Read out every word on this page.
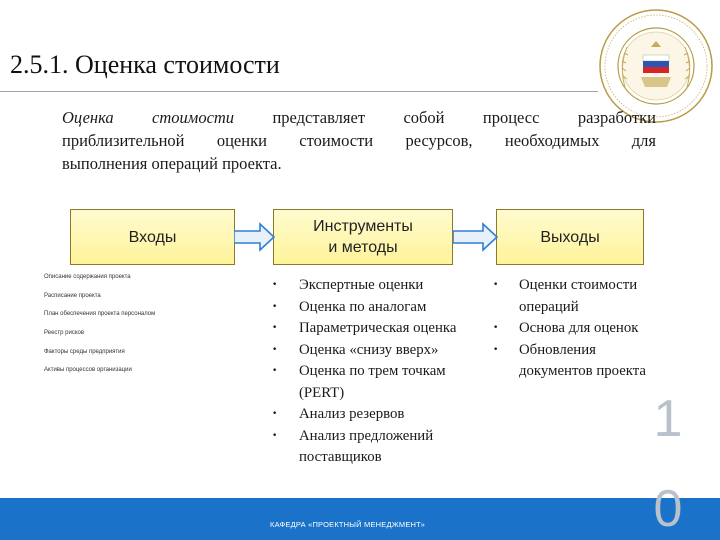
2.5.1. Оценка стоимости
Оценка стоимости представляет собой процесс разработки
приблизительной оценки стоимости ресурсов, необходимых для
выполнения операций проекта.
Входы
Инструменты
и методы
Выходы
Описание содержания проекта
Расписание проекта
План обеспечения проекта персоналом
Реестр рисков
Факторы среды предприятия
Активы процессов организации
• Экспертные оценки
• Оценка по аналогам
• Параметрическая оценка
• Оценка «снизу вверх»
• Оценка по трем точкам (PERT)
• Анализ резервов
• Анализ предложений поставщиков
• Оценки стоимости операций
• Основа для оценок
• Обновления документов проекта
КАФЕДРА «ПРОЕКТНЫЙ МЕНЕДЖМЕНТ»
1
0
